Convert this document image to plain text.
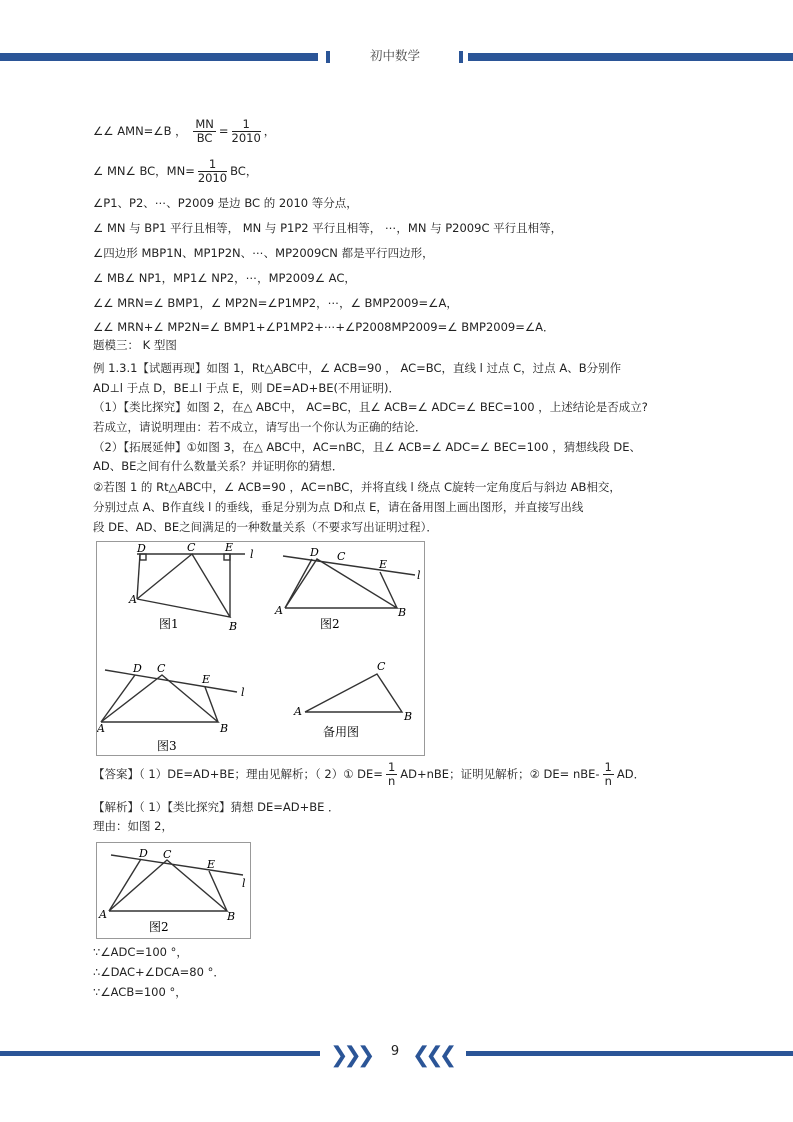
初中数学
∠∠ AMN=∠B ， $\frac{MN}{BC} = \frac{1}{2010}$ ，
∠ MN∠ BC，$MN= \frac{1}{2010}$ BC，
∠P1、P2、⋯、P2009 是边 BC 的 2010 等分点，
∠ MN 与 BP1 平行且相等， MN 与 P1P2 平行且相等， ⋯，MN 与 P2009C 平行且相等，
∠四边形 MBP1N、MP1P2N、⋯、MP2009CN 都是平行四边形，
∠ MB∠ NP1，MP1∠ NP2，⋯，MP2009∠ AC，
∠∠ MRN=∠ BMP1，∠ MP2N=∠P1MP2，⋯，∠ BMP2009=∠A，
∠∠ MRN+∠ MP2N=∠ BMP1+∠P1MP2+⋯+∠P2008MP2009=∠ BMP2009=∠A．
题模三： K 型图
例 1.3.1【试题再现】如图 1，Rt△ABC中，∠ ACB=90 ， AC=BC，直线 l 过点 C，过点 A、B分别作
AD⊥l 于点 D，BE⊥l 于点 E，则 DE=AD+BE(不用证明)．
（1）【类比探究】如图 2，在△ ABC中， AC=BC，且∠ ACB=∠ ADC=∠ BEC=100 ，上述结论是否成立?
若成立，请说明理由：若不成立，请写出一个你认为正确的结论．
（2）【拓展延伸】①如图 3，在△ ABC中，AC=nBC，且∠ ACB=∠ ADC=∠ BEC=100 ，猜想线段 DE、
AD、BE之间有什么数量关系？并证明你的猜想．
②若图 1 的 Rt△ABC中，∠ ACB=90 ，AC=nBC，并将直线 l 绕点 C旋转一定角度后与斜边 AB相交，
分别过点 A、B作直线 l 的垂线，垂足分别为点 D和点 E，请在备用图上画出图形，并直接写出线
段 DE、AD、BE之间满足的一种数量关系（不要求写出证明过程）．
D	C	E
l
A
B
图1
D C
E
l
A	B
图2
D C
E
l
A	B
图3
C
A	B
备用图
【答案】（ 1）DE=AD+BE；理由见解析；（ 2）① $DE= \frac{1}{n} AD+nBE$；证明见解析；② $DE= nBE- \frac{1}{n}$ AD．
【解析】（ 1）【类比探究】猜想 DE=AD+BE ．
理由：如图 2，
D C
E
l
A	B
图2
∵∠ADC=100 °，
∴∠DAC+∠DCA=80 °．
∵∠ACB=100 °，
❯❯❯	9 ❮❮❮
